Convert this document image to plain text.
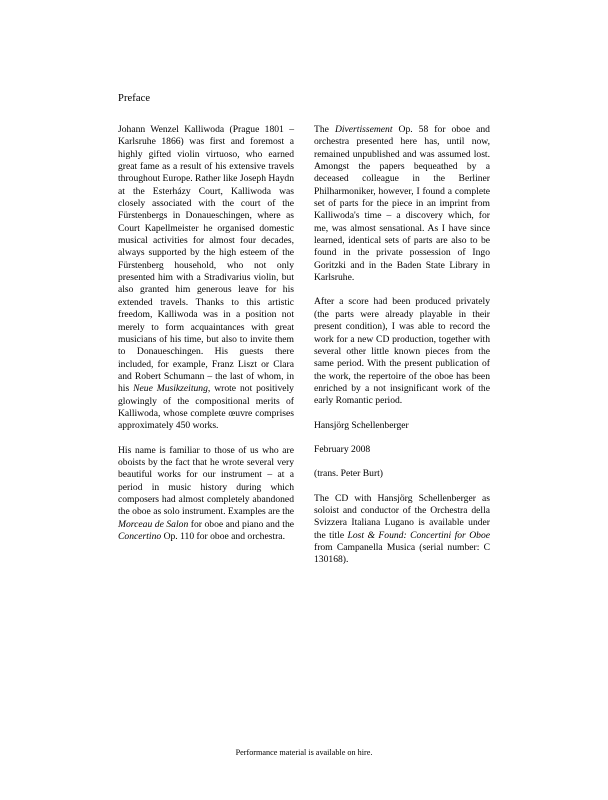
Preface

Johann Wenzel Kalliwoda (Prague 1801 – Karlsruhe 1866) was first and foremost a highly gifted violin virtuoso, who earned great fame as a result of his extensive travels throughout Europe. Rather like Joseph Haydn at the Esterházy Court, Kalliwoda was closely associated with the court of the Fürstenbergs in Donaueschingen, where as Court Kapellmeister he organised domestic musical activities for almost four decades, always supported by the high esteem of the Fürstenberg household, who not only presented him with a Stradivarius violin, but also granted him generous leave for his extended travels. Thanks to this artistic freedom, Kalliwoda was in a position not merely to form acquaintances with great musicians of his time, but also to invite them to Donaueschingen. His guests there included, for example, Franz Liszt or Clara and Robert Schumann – the last of whom, in his Neue Musikzeitung, wrote not positively glowingly of the compositional merits of Kalliwoda, whose complete œuvre comprises approximately 450 works.

His name is familiar to those of us who are oboists by the fact that he wrote several very beautiful works for our instrument – at a period in music history during which composers had almost completely abandoned the oboe as solo instrument. Examples are the Morceau de Salon for oboe and piano and the Concertino Op. 110 for oboe and orchestra.

The Divertissement Op. 58 for oboe and orchestra presented here has, until now, remained unpublished and was assumed lost. Amongst the papers bequeathed by a deceased colleague in the Berliner Philharmoniker, however, I found a complete set of parts for the piece in an imprint from Kalliwoda's time – a discovery which, for me, was almost sensational. As I have since learned, identical sets of parts are also to be found in the private possession of Ingo Goritzki and in the Baden State Library in Karlsruhe.

After a score had been produced privately (the parts were already playable in their present condition), I was able to record the work for a new CD production, together with several other little known pieces from the same period. With the present publication of the work, the repertoire of the oboe has been enriched by a not insignificant work of the early Romantic period.

Hansjörg Schellenberger

February 2008

(trans. Peter Burt)

The CD with Hansjörg Schellenberger as soloist and conductor of the Orchestra della Svizzera Italiana Lugano is available under the title Lost & Found: Concertini for Oboe from Campanella Musica (serial number: C 130168).

Performance material is available on hire.
